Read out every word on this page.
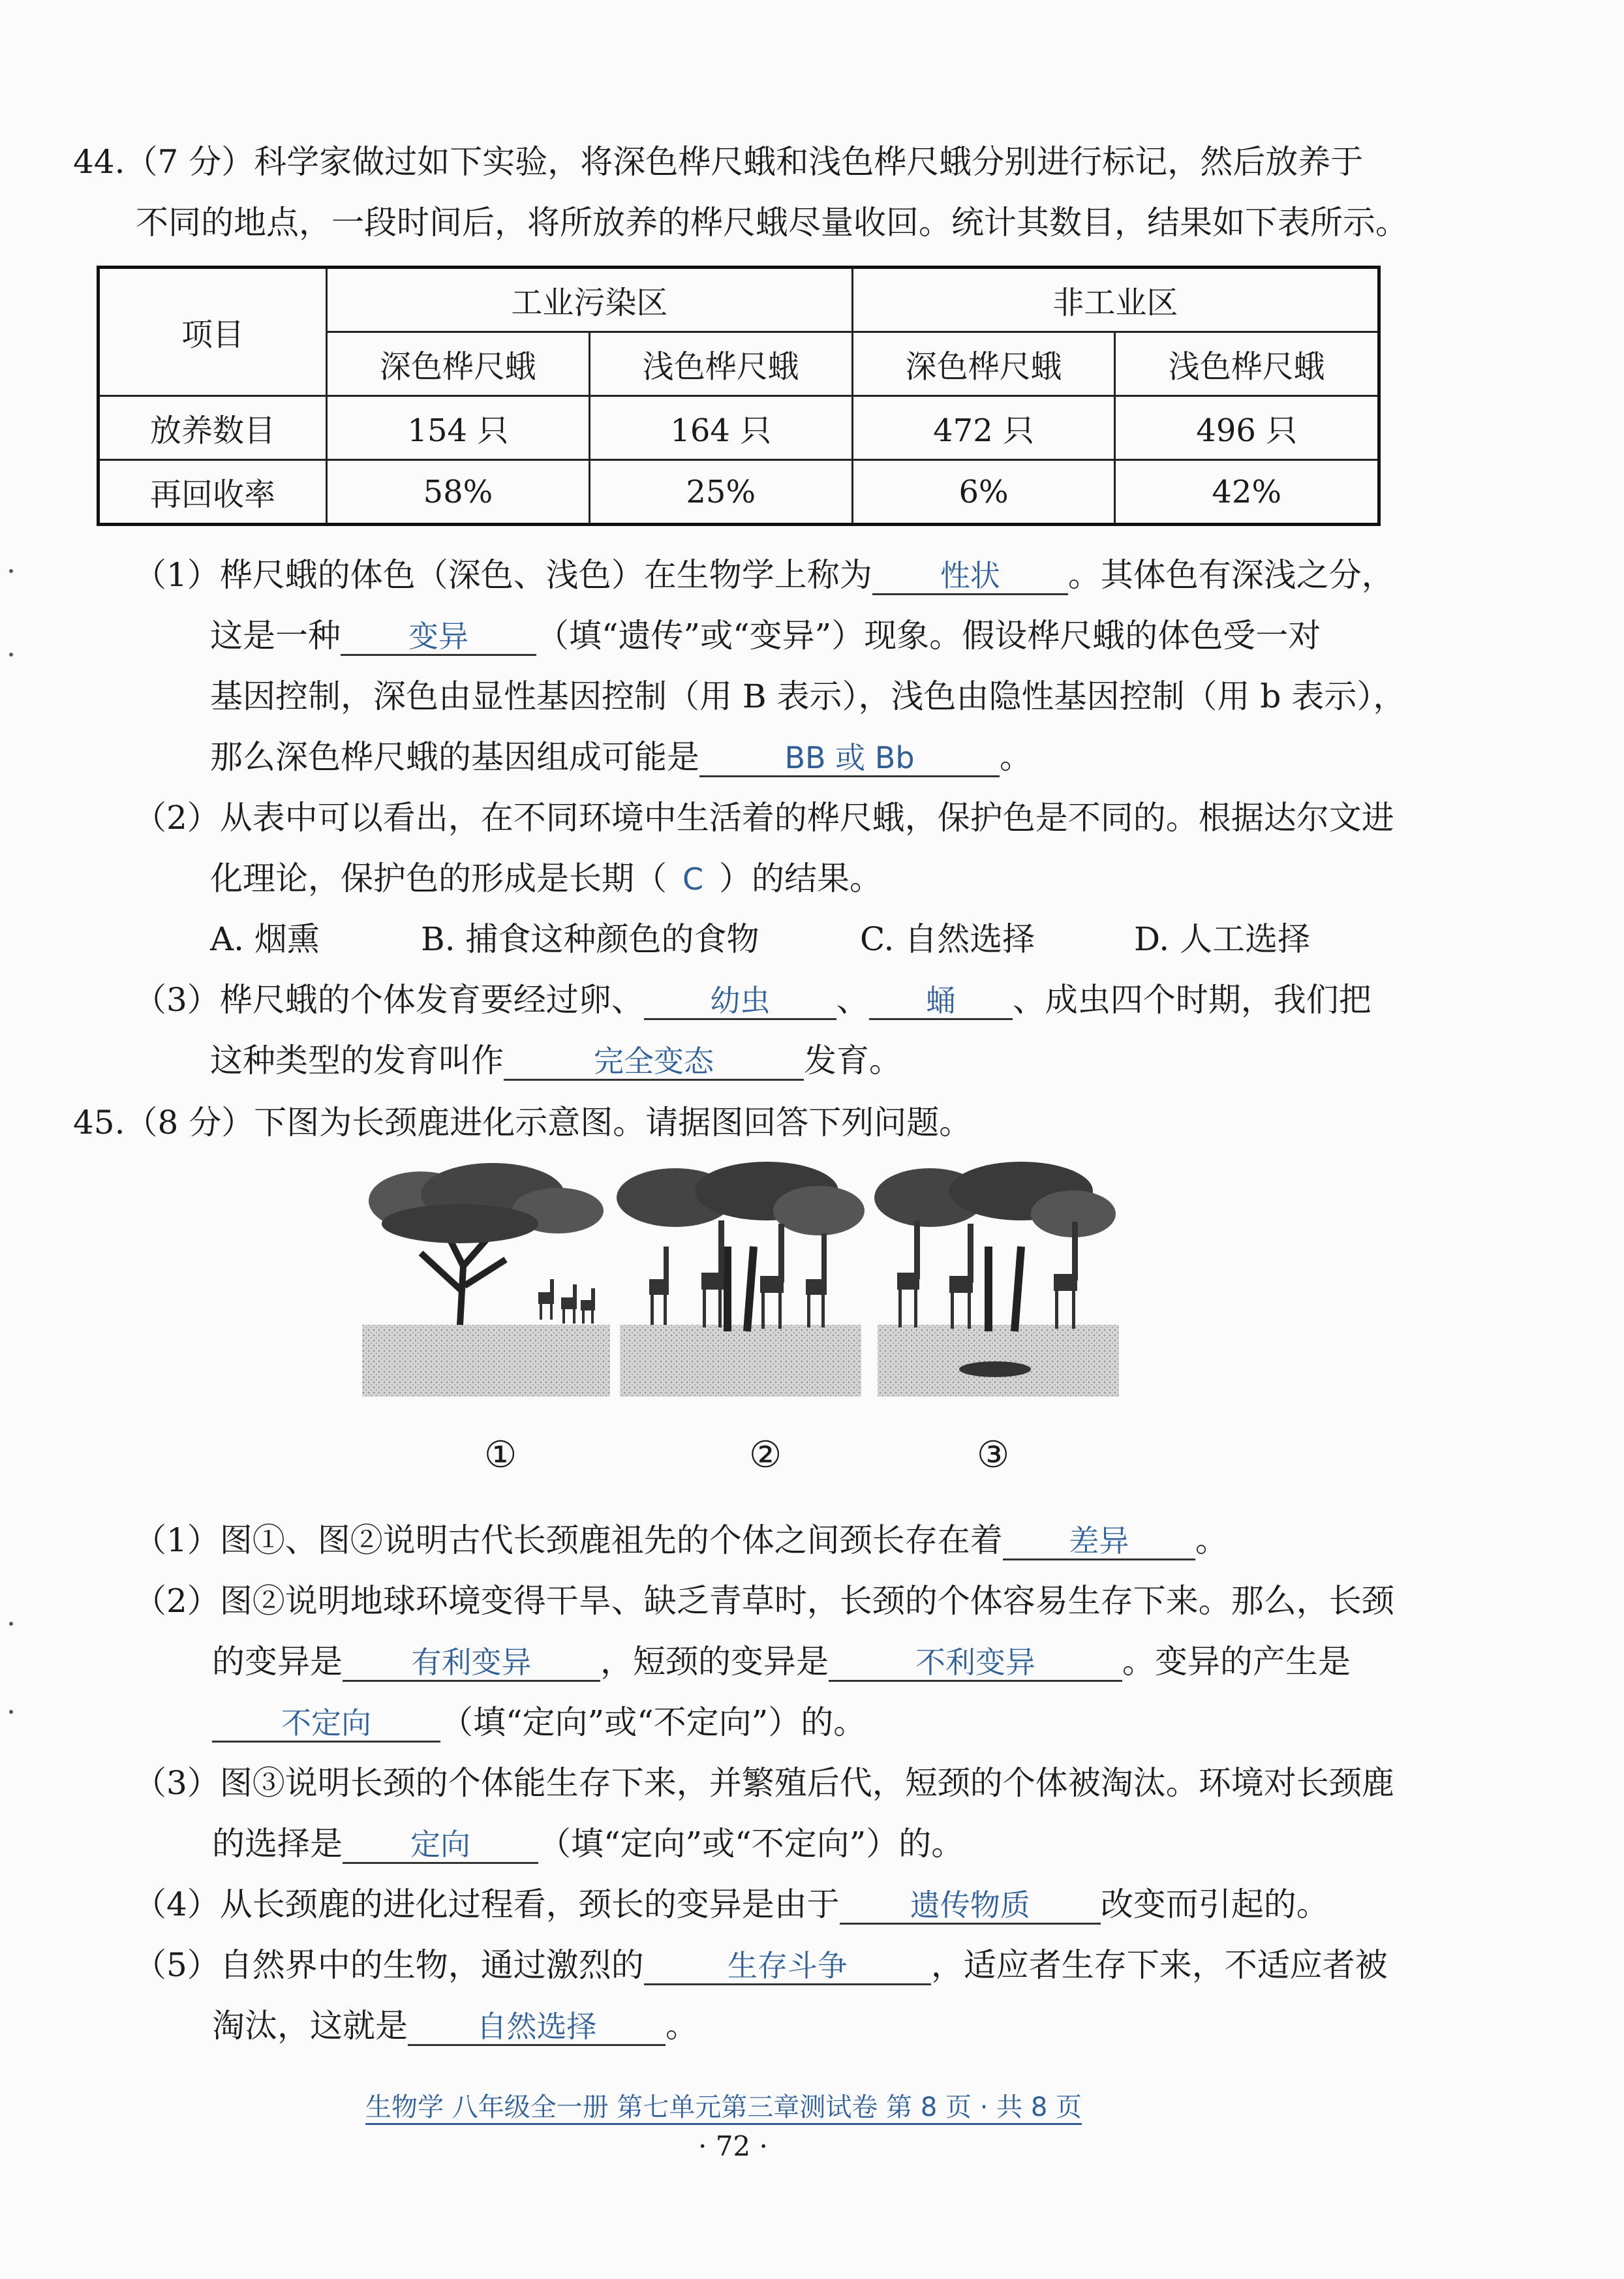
44.（7 分）科学家做过如下实验，将深色桦尺蛾和浅色桦尺蛾分别进行标记，然后放养于
不同的地点，一段时间后，将所放养的桦尺蛾尽量收回。统计其数目，结果如下表所示。
项目	工业污染区		非工业区	
	深色桦尺蛾	浅色桦尺蛾	深色桦尺蛾	浅色桦尺蛾
放养数目	154 只	164 只	472 只	496 只
再回收率	58%	25%	6%	42%
（1）桦尺蛾的体色（深色、浅色）在生物学上称为 性状 。其体色有深浅之分，
这是一种 变异 （填“遗传”或“变异”）现象。假设桦尺蛾的体色受一对
基因控制，深色由显性基因控制（用 B 表示），浅色由隐性基因控制（用 b 表示），
那么深色桦尺蛾的基因组成可能是	BB 或 Bb	。
（2）从表中可以看出，在不同环境中生活着的桦尺蛾，保护色是不同的。根据达尔文进
化理论，保护色的形成是长期（ C ）的结果。
A. 烟熏	B. 捕食这种颜色的食物	C. 自然选择	D. 人工选择
（3）桦尺蛾的个体发育要经过卵、 幼虫 、 蛹 、成虫四个时期，我们把
这种类型的发育叫作	完全变态	发育。
45.（8 分）下图为长颈鹿进化示意图。请据图回答下列问题。
①	②	③
（1）图①、图②说明古代长颈鹿祖先的个体之间颈长存在着 差异 。
（2）图②说明地球环境变得干旱、缺乏青草时，长颈的个体容易生存下来。那么，长颈
的变异是 有利变异 ，短颈的变异是	不利变异	。变异的产生是
不定向 （填“定向”或“不定向”）的。
（3）图③说明长颈的个体能生存下来，并繁殖后代，短颈的个体被淘汰。环境对长颈鹿
的选择是 定向 （填“定向”或“不定向”）的。
（4）从长颈鹿的进化过程看，颈长的变异是由于 遗传物质 改变而引起的。
（5）自然界中的生物，通过激烈的	生存斗争	，适应者生存下来，不适应者被
淘汰，这就是 自然选择 。
生物学 八年级全一册 第七单元第三章测试卷 第 8 页 · 共 8 页
· 72 ·
